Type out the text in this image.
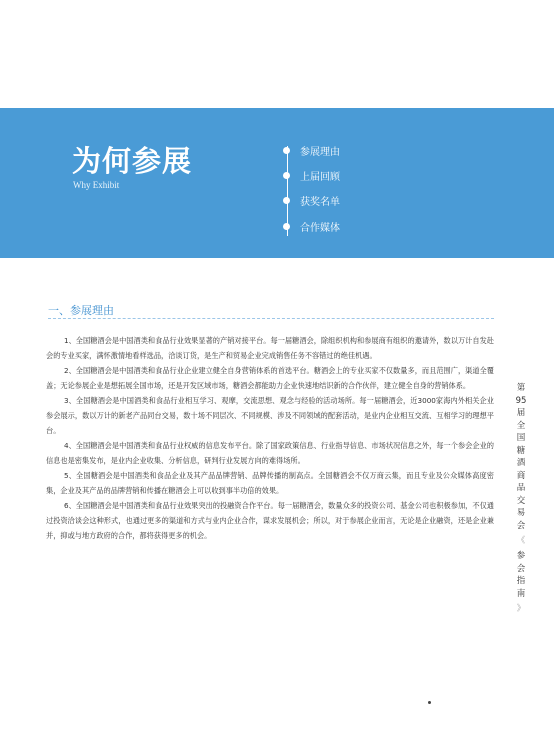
为何参展
Why Exhibit
参展理由
上届回顾
获奖名单
合作媒体
一、参展理由

1、全国糖酒会是中国酒类和食品行业效果显著的产销对接平台。每一届糖酒会，除组织机构和参展商有组织的邀请外，数以万计自发赴会的专业买家，满怀激情地看样选品，洽谈订货，是生产和贸易企业完成销售任务不容错过的绝佳机遇。

2、全国糖酒会是中国酒类和食品行业企业建立健全自身营销体系的首选平台。糖酒会上的专业买家不仅数量多，而且范围广，渠道全覆盖；无论参展企业是想拓展全国市场，还是开发区域市场，糖酒会都能助力企业快速地结识新的合作伙伴，建立健全自身的营销体系。

3、全国糖酒会是中国酒类和食品行业相互学习、观摩，交流思想、观念与经验的活动场所。每一届糖酒会，近3000家海内外相关企业参会展示，数以万计的新老产品同台交易，数十场不同层次、不同规模、涉及不同领域的配套活动，是业内企业相互交流、互相学习的理想平台。

4、全国糖酒会是中国酒类和食品行业权威的信息发布平台。除了国家政策信息、行业指导信息、市场状况信息之外，每一个参会企业的信息也是密集发布，是业内企业收集、分析信息，研判行业发展方向的难得场所。

5、全国糖酒会是中国酒类和食品企业及其产品品牌营销、品牌传播的制高点。全国糖酒会不仅万商云集，而且专业及公众媒体高度密集，企业及其产品的品牌营销和传播在糖酒会上可以收到事半功倍的效果。

6、全国糖酒会是中国酒类和食品行业效果突出的投融资合作平台。每一届糖酒会，数量众多的投资公司、基金公司也积极参加，不仅通过投资洽谈会这种形式，也通过更多的渠道和方式与业内企业合作，谋求发展机会；所以，对于参展企业而言，无论是企业融资，还是企业兼并，抑或与地方政府的合作，都将获得更多的机会。

第
95
届
全
国
糖
酒
商
品
交
易
会
《
参
会
指
南
》
